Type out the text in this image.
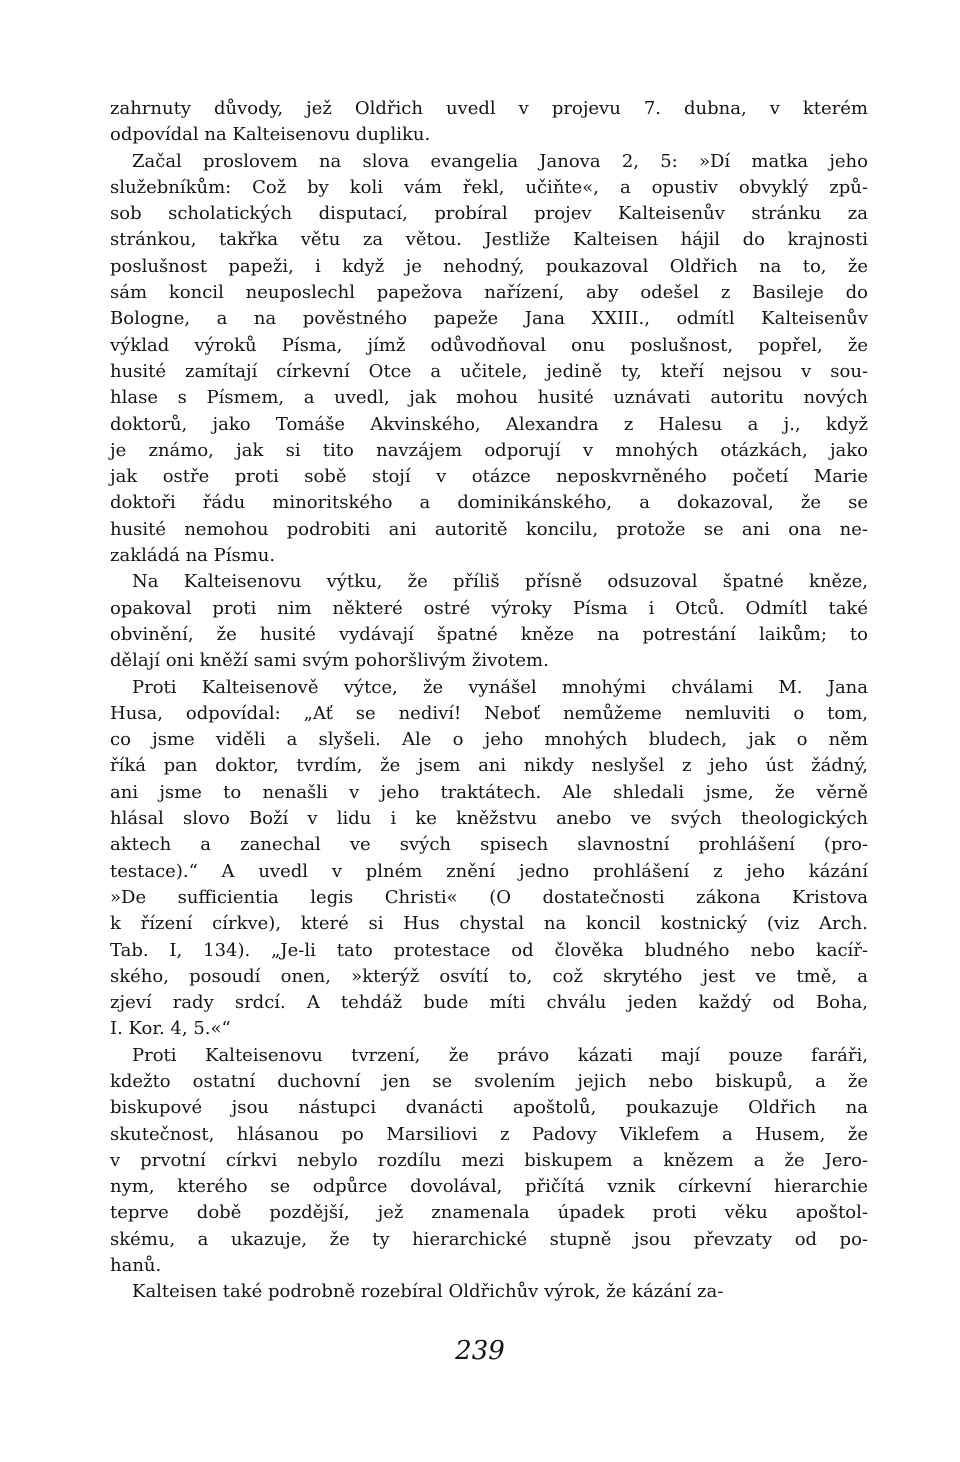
zahrnuty důvody, jež Oldřich uvedl v projevu 7. dubna, v kterém
odpovídal na Kalteisenovu dupliku.

Začal proslovem na slova evangelia Janova 2, 5: »Dí matka jeho
služebníkům: Což by koli vám řekl, učiňte«, a opustiv obvyklý způ-
sob scholatických disputací, probíral projev Kalteisenův stránku za
stránkou, takřka větu za větou. Jestliže Kalteisen hájil do krajnosti
poslušnost papeži, i když je nehodný, poukazoval Oldřich na to, že
sám koncil neuposlechl papežova nařízení, aby odešel z Basileje do
Bologne, a na pověstného papeže Jana XXIII., odmítl Kalteisenův
výklad výroků Písma, jímž odůvodňoval onu poslušnost, popřel, že
husité zamítají církevní Otce a učitele, jedině ty, kteří nejsou v sou-
hlase s Písmem, a uvedl, jak mohou husité uznávati autoritu nových
doktorů, jako Tomáše Akvinského, Alexandra z Halesu a j., když
je známo, jak si tito navzájem odporují v mnohých otázkách, jako
jak ostře proti sobě stojí v otázce neposkvrněného početí Marie
doktoři řádu minoritského a dominikánského, a dokazoval, že se
husité nemohou podrobiti ani autoritě koncilu, protože se ani ona ne-
zakládá na Písmu.

Na Kalteisenovu výtku, že příliš přísně odsuzoval špatné kněze,
opakoval proti nim některé ostré výroky Písma i Otců. Odmítl také
obvinění, že husité vydávají špatné kněze na potrestání laikům; to
dělají oni kněží sami svým pohoršlivým životem.

Proti Kalteisenově výtce, že vynášel mnohými chválami M. Jana
Husa, odpovídal: „Ať se nediví! Neboť nemůžeme nemluviti o tom,
co jsme viděli a slyšeli. Ale o jeho mnohých bludech, jak o něm
říká pan doktor, tvrdím, že jsem ani nikdy neslyšel z jeho úst žádný,
ani jsme to nenašli v jeho traktátech. Ale shledali jsme, že věrně
hlásal slovo Boží v lidu i ke kněžstvu anebo ve svých theologických
aktech a zanechal ve svých spisech slavnostní prohlášení (pro-
testace).“ A uvedl v plném znění jedno prohlášení z jeho kázání
»De sufficientia legis Christi« (O dostatečnosti zákona Kristova
k řízení církve), které si Hus chystal na koncil kostnický (viz Arch.
Tab. I, 134). „Je-li tato protestace od člověka bludného nebo kacíř-
ského, posoudí onen, »kterýž osvítí to, což skrytého jest ve tmě, a
zjeví rady srdcí. A tehdáž bude míti chválu jeden každý od Boha,
I. Kor. 4, 5.«“

Proti Kalteisenovu tvrzení, že právo kázati mají pouze faráři,
kdežto ostatní duchovní jen se svolením jejich nebo biskupů, a že
biskupové jsou nástupci dvanácti apoštolů, poukazuje Oldřich na
skutečnost, hlásanou po Marsiliovi z Padovy Viklefem a Husem, že
v prvotní církvi nebylo rozdílu mezi biskupem a knězem a že Jero-
nym, kterého se odpůrce dovolával, přičítá vznik církevní hierarchie
teprve době pozdější, jež znamenala úpadek proti věku apoštol-
skému, a ukazuje, že ty hierarchické stupně jsou převzaty od po-
hanů.

Kalteisen také podrobně rozebíral Oldřichův výrok, že kázání za-

239
